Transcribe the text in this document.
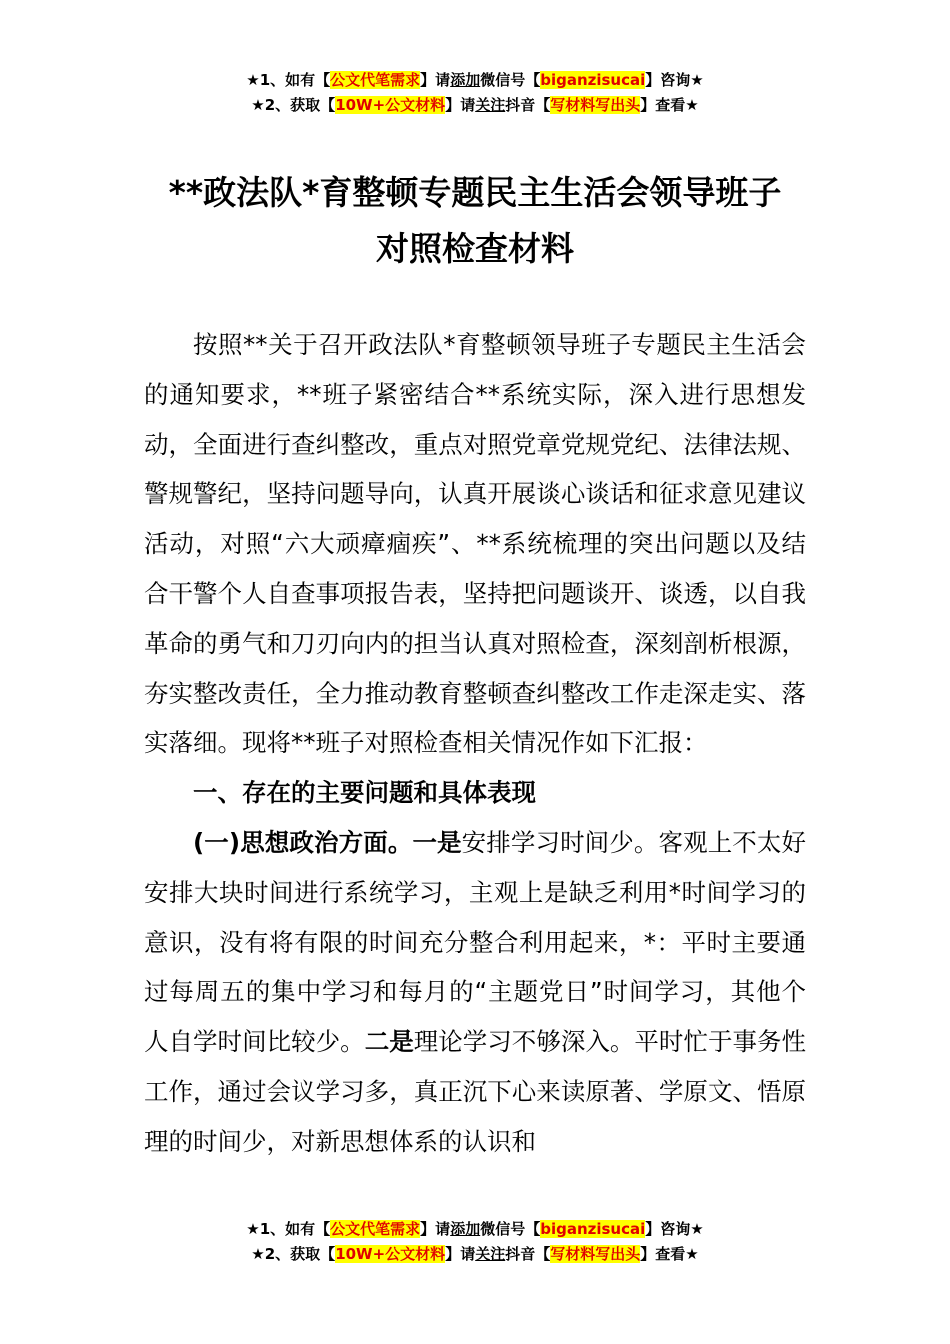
★1、如有【公文代笔需求】请添加微信号【biganzisucai】咨询★
★2、获取【10W+公文材料】请关注抖音【写材料写出头】查看★
**政法队*育整顿专题民主生活会领导班子
对照检查材料

按照**关于召开政法队*育整顿领导班子专题民主生活会的通知要求，**班子紧密结合**系统实际，深入进行思想发动，全面进行查纠整改，重点对照党章党规党纪、法律法规、警规警纪，坚持问题导向，认真开展谈心谈话和征求意见建议活动，对照“六大顽瘴痼疾”、**系统梳理的突出问题以及结合干警个人自查事项报告表，坚持把问题谈开、谈透，以自我革命的勇气和刀刃向内的担当认真对照检查，深刻剖析根源，夯实整改责任，全力推动教育整顿查纠整改工作走深走实、落实落细。现将**班子对照检查相关情况作如下汇报：

一、存在的主要问题和具体表现

(一)思想政治方面。一是安排学习时间少。客观上不太好安排大块时间进行系统学习，主观上是缺乏利用*时间学习的意识，没有将有限的时间充分整合利用起来，*：平时主要通过每周五的集中学习和每月的“主题党日”时间学习，其他个人自学时间比较少。二是理论学习不够深入。平时忙于事务性工作，通过会议学习多，真正沉下心来读原著、学原文、悟原理的时间少，对新思想体系的认识和

★1、如有【公文代笔需求】请添加微信号【biganzisucai】咨询★
★2、获取【10W+公文材料】请关注抖音【写材料写出头】查看★
